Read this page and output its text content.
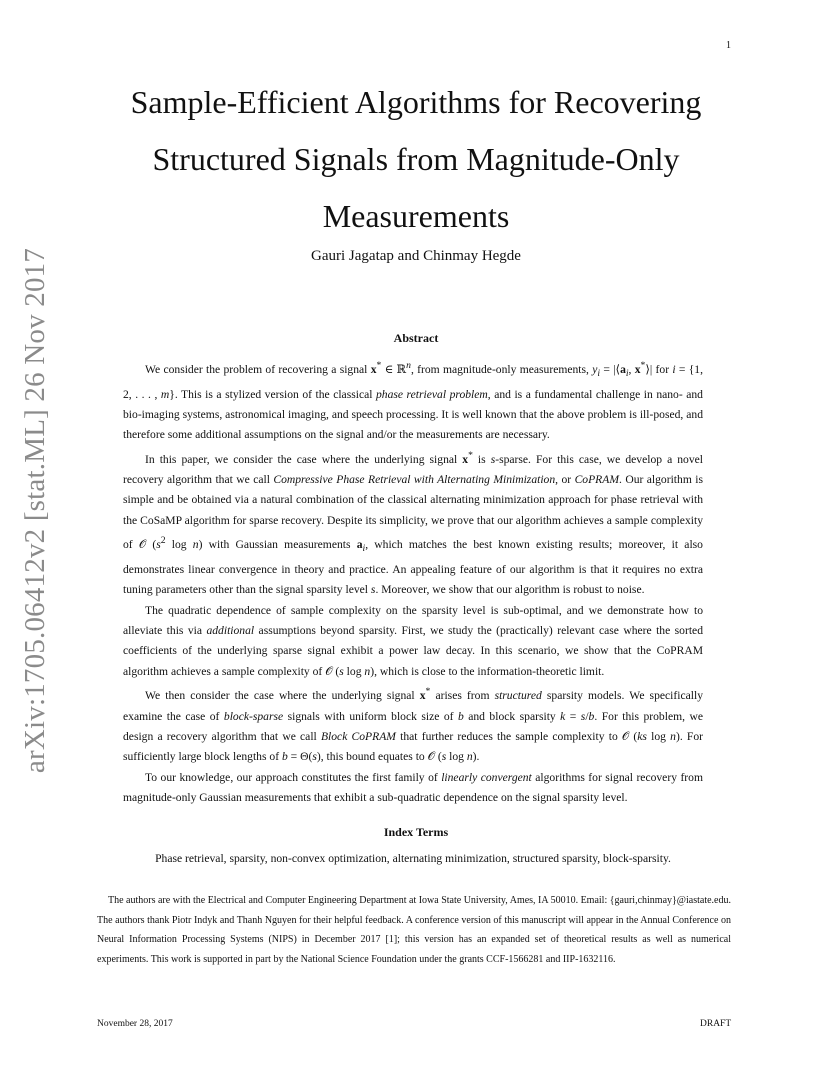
1
arXiv:1705.06412v2 [stat.ML] 26 Nov 2017
Sample-Efficient Algorithms for Recovering
Structured Signals from Magnitude-Only
Measurements
Gauri Jagatap and Chinmay Hegde
Abstract

We consider the problem of recovering a signal x* ∈ ℝ$^n$, from magnitude-only measurements, $y_i$ = $|⟨a_i$, x*⟩| for i = {1, 2, . . . , m}. This is a stylized version of the classical phase retrieval problem, and is a fundamental challenge in nano- and bio-imaging systems, astronomical imaging, and speech processing. It is well known that the above problem is ill-posed, and therefore some additional assumptions on the signal and/or the measurements are necessary.

In this paper, we consider the case where the underlying signal x* is s-sparse. For this case, we develop a novel recovery algorithm that we call Compressive Phase Retrieval with Alternating Minimization, or CoPRAM. Our algorithm is simple and be obtained via a natural combination of the classical alternating minimization approach for phase retrieval with the CoSaMP algorithm for sparse recovery. Despite its simplicity, we prove that our algorithm achieves a sample complexity of 𝒪 ($s^2$ log n) with Gaussian measurements $a_i$, which matches the best known existing results; moreover, it also demonstrates linear convergence in theory and practice. An appealing feature of our algorithm is that it requires no extra tuning parameters other than the signal sparsity level s. Moreover, we show that our algorithm is robust to noise.

The quadratic dependence of sample complexity on the sparsity level is sub-optimal, and we demonstrate how to alleviate this via additional assumptions beyond sparsity. First, we study the (practically) relevant case where the sorted coefficients of the underlying sparse signal exhibit a power law decay. In this scenario, we show that the CoPRAM algorithm achieves a sample complexity of 𝒪 (s log n), which is close to the information-theoretic limit.

We then consider the case where the underlying signal x* arises from structured sparsity models. We specifically examine the case of block-sparse signals with uniform block size of b and block sparsity k = s/b. For this problem, we design a recovery algorithm that we call Block CoPRAM that further reduces the sample complexity to 𝒪 (ks log n). For sufficiently large block lengths of b = Θ(s), this bound equates to 𝒪 (s log n).

To our knowledge, our approach constitutes the first family of linearly convergent algorithms for signal recovery from magnitude-only Gaussian measurements that exhibit a sub-quadratic dependence on the signal sparsity level.

Index Terms
Phase retrieval, sparsity, non-convex optimization, alternating minimization, structured sparsity, block-sparsity.

The authors are with the Electrical and Computer Engineering Department at Iowa State University, Ames, IA 50010. Email: {gauri,chinmay}@iastate.edu. The authors thank Piotr Indyk and Thanh Nguyen for their helpful feedback. A conference version of this manuscript will appear in the Annual Conference on Neural Information Processing Systems (NIPS) in December 2017 [1]; this version has an expanded set of theoretical results as well as numerical experiments. This work is supported in part by the National Science Foundation under the grants CCF-1566281 and IIP-1632116.

November 28, 2017	DRAFT
